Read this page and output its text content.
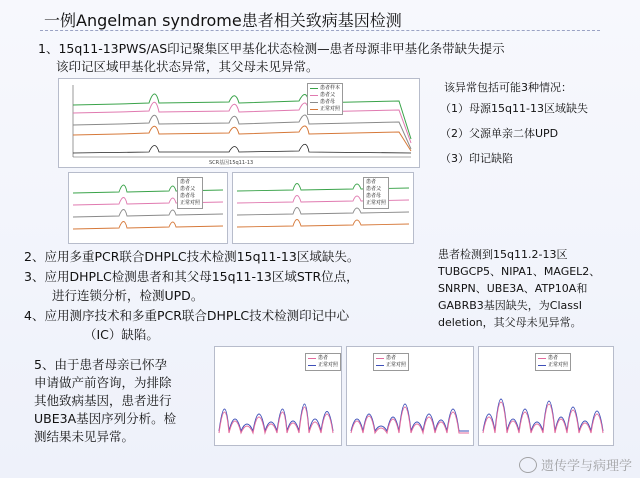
一例Angelman syndrome患者相关致病基因检测
1、15q11-13PWS/AS印记聚集区甲基化状态检测—患者母源非甲基化条带缺失提示
该印记区域甲基化状态异常，其父母未见异常。
患者样本
患者父
患者母
正常对照
SCR基因15q11-13
该异常包括可能3种情况：
（1）母源15q11-13区域缺失
（2）父源单亲二体UPD
（3）印记缺陷
患者
患者父
患者母
正常对照
患者
患者父
患者母
正常对照
2、应用多重PCR联合DHPLC技术检测15q11-13区域缺失。
3、应用DHPLC检测患者和其父母15q11-13区域STR位点，
进行连锁分析，检测UPD。
4、应用测序技术和多重PCR联合DHPLC技术检测印记中心
（IC）缺陷。
患者检测到15q11.2-13区
TUBGCP5、NIPA1、MAGEL2、
SNRPN、UBE3A、ATP10A和
GABRB3基因缺失，为ClassI
deletion，其父母未见异常。
5、由于患者母亲已怀孕
申请做产前咨询，为排除
其他致病基因，患者进行
UBE3A基因序列分析。检
测结果未见异常。
患者
正常对照
患者
正常对照
患者
正常对照
遗传学与病理学
